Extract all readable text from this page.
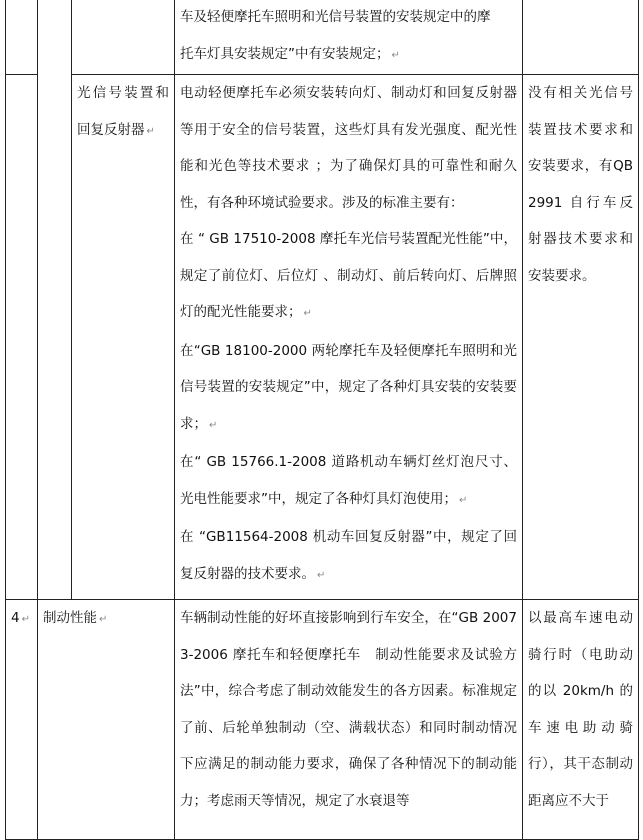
			车及轻便摩托车照明和光信号装置的安装规定中的摩
托车灯具安装规定”中有安装规定； ↵	

		光信号装置和回复反射器 ↵	电动轻便摩托车必须安装转向灯、制动灯和回复反射器等用于安全的信号装置，这些灯具有发光强度、配光性能和光色等技术要求 ；为了确保灯具的可靠性和耐久性，有各种环境试验要求。涉及的标准主要有：
在 “ GB 17510-2008 摩托车光信号装置配光性能”中，规定了前位灯、后位灯 、制动灯、前后转向灯、后牌照灯的配光性能要求； ↵
在“GB 18100-2000 两轮摩托车及轻便摩托车照明和光信号装置的安装规定”中，规定了各种灯具安装的安装要求； ↵
在“ GB 15766.1-2008 道路机动车辆灯丝灯泡尺寸、光电性能要求”中，规定了各种灯具灯泡使用； ↵
在 “GB11564-2008 机动车回复反射器”中，规定了回复反射器的技术要求。 ↵	没有相关光信号装置技术要求和安装要求，有QB2991 自行车反射器技术要求和安装要求。
4 ↵	制动性能 ↵		车辆制动性能的好坏直接影响到行车安全，在“GB 20073-2006 摩托车和轻便摩托车　制动性能要求及试验方法”中，综合考虑了制动效能发生的各方因素。标准规定了前、后轮单独制动（空、满载状态）和同时制动情况下应满足的制动能力要求，确保了各种情况下的制动能力；考虑雨天等情况，规定了水衰退等	以最高车速电动骑行时（电助动的以 20km/h 的车速电助动骑行），其干态制动距离应不大于
